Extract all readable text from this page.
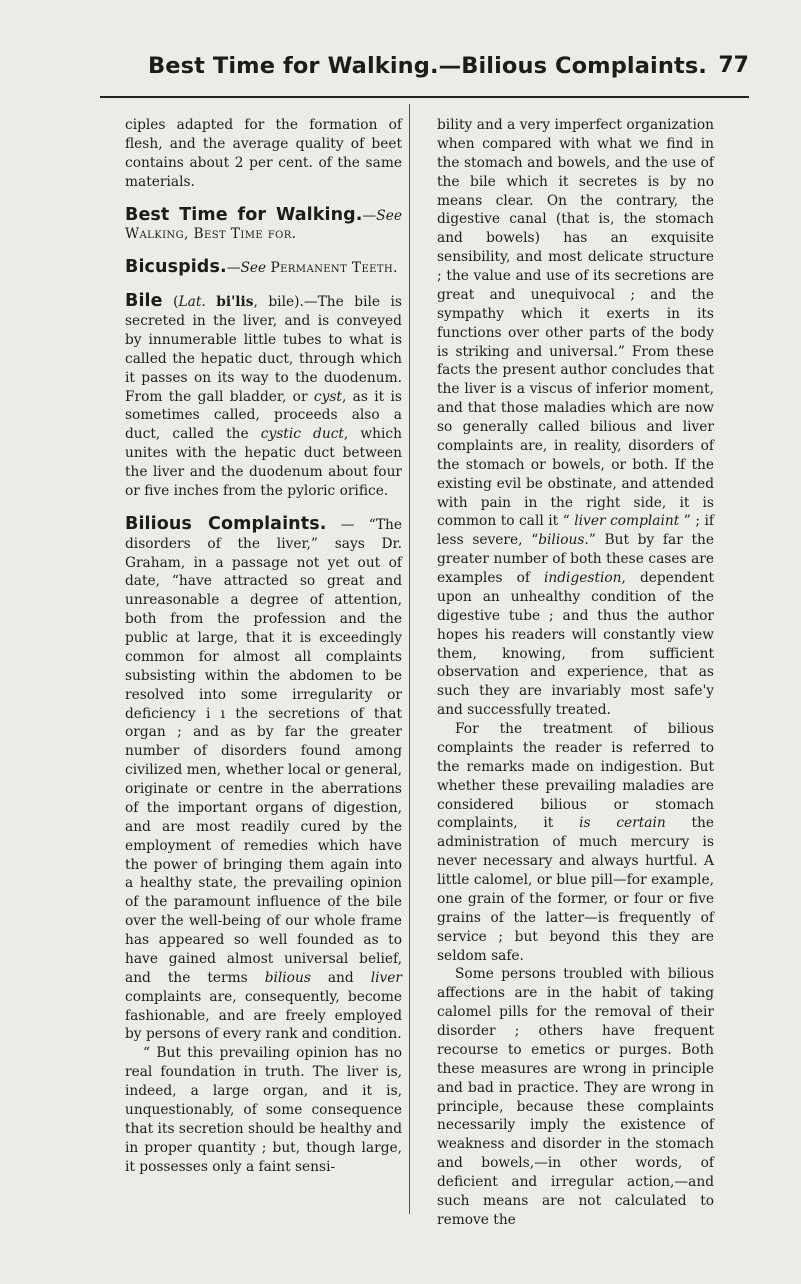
Best Time for Walking.—Bilious Complaints. 77

ciples adapted for the formation of flesh, and the average quality of beet contains about 2 per cent. of the same materials.

Best Time for Walking.—See Walking, Best Time for.

Bicuspids.—See Permanent Teeth.

Bile (Lat. bi'lis, bile).—The bile is secreted in the liver, and is conveyed by innumerable little tubes to what is called the hepatic duct, through which it passes on its way to the duodenum. From the gall bladder, or cyst, as it is sometimes called, proceeds also a duct, called the cystic duct, which unites with the hepatic duct between the liver and the duodenum about four or five inches from the pyloric orifice.

Bilious Complaints. — “The disorders of the liver,” says Dr. Graham, in a passage not yet out of date, “have attracted so great and unreasonable a degree of attention, both from the profession and the public at large, that it is exceedingly common for almost all complaints subsisting within the abdomen to be resolved into some irregularity or deficiency i ı the secretions of that organ ; and as by far the greater number of disorders found among civilized men, whether local or general, originate or centre in the aberrations of the important organs of digestion, and are most readily cured by the employment of remedies which have the power of bringing them again into a healthy state, the prevailing opinion of the paramount influence of the bile over the well-being of our whole frame has appeared so well founded as to have gained almost universal belief, and the terms bilious and liver complaints are, consequently, become fashionable, and are freely employed by persons of every rank and condition.

“ But this prevailing opinion has no real foundation in truth. The liver is, indeed, a large organ, and it is, unquestionably, of some consequence that its secretion should be healthy and in proper quantity ; but, though large, it possesses only a faint sensi-

bility and a very imperfect organization when compared with what we find in the stomach and bowels, and the use of the bile which it secretes is by no means clear. On the contrary, the digestive canal (that is, the stomach and bowels) has an exquisite sensibility, and most delicate structure ; the value and use of its secretions are great and unequivocal ; and the sympathy which it exerts in its functions over other parts of the body is striking and universal.” From these facts the present author concludes that the liver is a viscus of inferior moment, and that those maladies which are now so generally called bilious and liver complaints are, in reality, disorders of the stomach or bowels, or both. If the existing evil be obstinate, and attended with pain in the right side, it is common to call it “ liver complaint ” ; if less severe, “bilious.” But by far the greater number of both these cases are examples of indigestion, dependent upon an unhealthy condition of the digestive tube ; and thus the author hopes his readers will constantly view them, knowing, from sufficient observation and experience, that as such they are invariably most safe'y and successfully treated.

For the treatment of bilious complaints the reader is referred to the remarks made on indigestion. But whether these prevailing maladies are considered bilious or stomach complaints, it is certain the administration of much mercury is never necessary and always hurtful. A little calomel, or blue pill—for example, one grain of the former, or four or five grains of the latter—is frequently of service ; but beyond this they are seldom safe.

Some persons troubled with bilious affections are in the habit of taking calomel pills for the removal of their disorder ; others have frequent recourse to emetics or purges. Both these measures are wrong in principle and bad in practice. They are wrong in principle, because these complaints necessarily imply the existence of weakness and disorder in the stomach and bowels,—in other words, of deficient and irregular action,—and such means are not calculated to remove the
